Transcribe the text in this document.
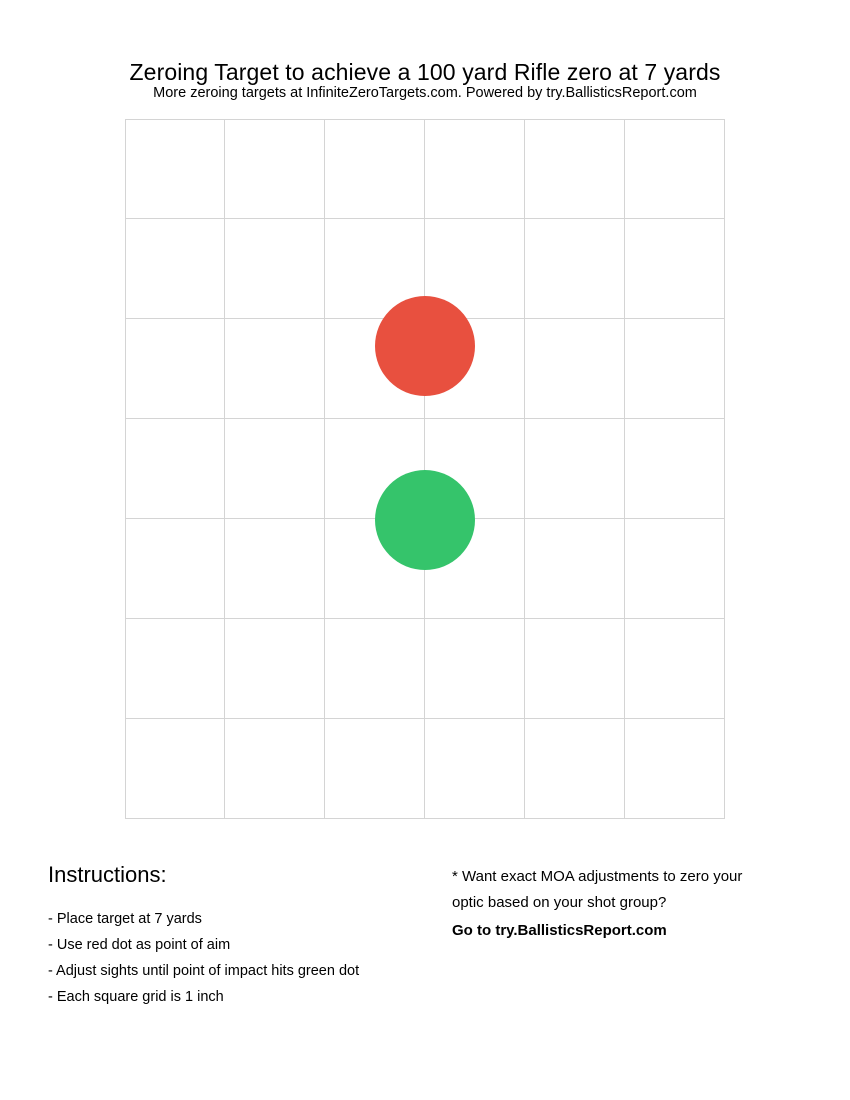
Zeroing Target to achieve a 100 yard Rifle zero at 7 yards
More zeroing targets at InfiniteZeroTargets.com. Powered by try.BallisticsReport.com
Instructions:
- Place target at 7 yards
- Use red dot as point of aim
- Adjust sights until point of impact hits green dot
- Each square grid is 1 inch

* Want exact MOA adjustments to zero your

optic based on your shot group?

Go to try.BallisticsReport.com
